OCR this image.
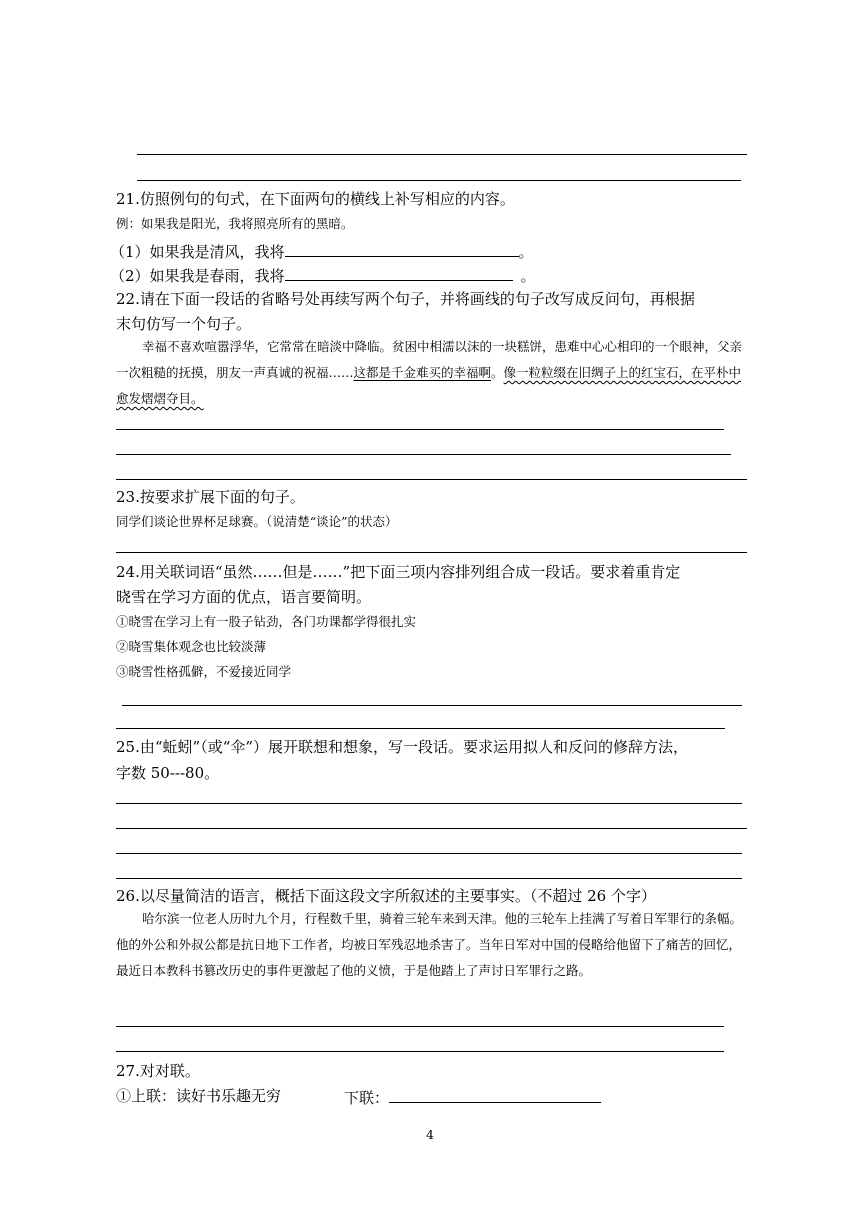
21.仿照例句的句式，在下面两句的横线上补写相应的内容。
例：如果我是阳光，我将照亮所有的黑暗。
（1）如果我是清风，我将	。
（2）如果我是春雨，我将	。
22.请在下面一段话的省略号处再续写两个句子，并将画线的句子改写成反问句，再根据
末句仿写一个句子。
幸福不喜欢喧嚣浮华，它常常在暗淡中降临。贫困中相濡以沫的一块糕饼，患难中心心相印的一个眼神，父亲一次粗糙的抚摸，朋友一声真诚的祝福……这都是千金难买的幸福啊。像一粒粒缀在旧绸子上的红宝石，在平朴中愈发熠熠夺目。
23.按要求扩展下面的句子。
同学们谈论世界杯足球赛。（说清楚“谈论”的状态）
24.用关联词语“虽然……但是……”把下面三项内容排列组合成一段话。要求着重肯定
晓雪在学习方面的优点，语言要简明。
①晓雪在学习上有一股子钻劲，各门功课都学得很扎实
②晓雪集体观念也比较淡薄
③晓雪性格孤僻，不爱接近同学
25.由“蚯蚓”（或“伞”）展开联想和想象，写一段话。要求运用拟人和反问的修辞方法，
字数 50---80。
26.以尽量简洁的语言，概括下面这段文字所叙述的主要事实。（不超过 26 个字）
哈尔滨一位老人历时九个月，行程数千里，骑着三轮车来到天津。他的三轮车上挂满了写着日军罪行的条幅。他的外公和外叔公都是抗日地下工作者，均被日军残忍地杀害了。当年日军对中国的侵略给他留下了痛苦的回忆，最近日本教科书篡改历史的事件更激起了他的义愤，于是他踏上了声讨日军罪行之路。
27.对对联。
①上联：读好书乐趣无穷	下联：
4
